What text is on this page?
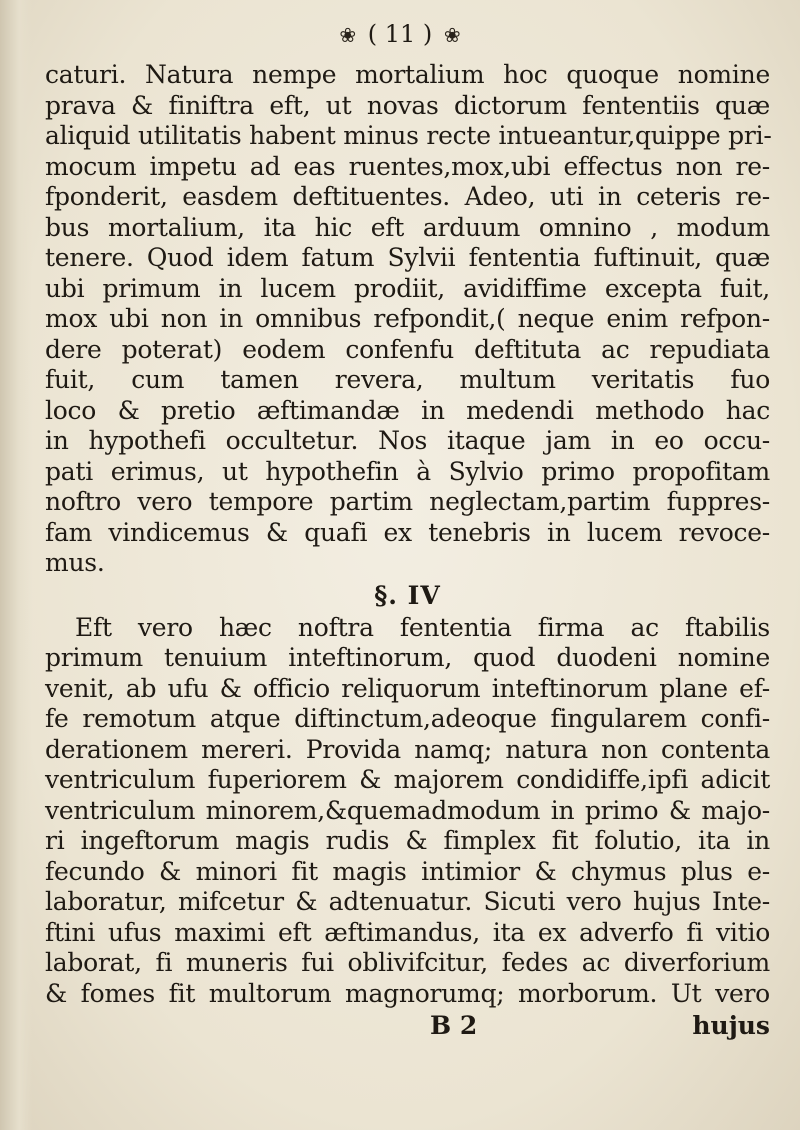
❀ ( 11 ) ❀
caturi. Natura nempe mortalium hoc quoque nomine
prava & finiftra eft, ut novas dictorum fententiis quæ
aliquid utilitatis habent minus recte intueantur,quippe pri-
mocum impetu ad eas ruentes,mox,ubi effectus non re-
fponderit, easdem deftituentes. Adeo, uti in ceteris re-
bus mortalium, ita hic eft arduum omnino , modum
tenere. Quod idem fatum Sylvii fententia fuftinuit, quæ
ubi primum in lucem prodiit, avidiffime excepta fuit,
mox ubi non in omnibus refpondit,( neque enim refpon-
dere poterat) eodem confenfu deftituta ac repudiata
fuit, cum tamen revera, multum veritatis fuo
loco & pretio æftimandæ in medendi methodo hac
in hypothefi occultetur. Nos itaque jam in eo occu-
pati erimus, ut hypothefin à Sylvio primo propofitam
noftro vero tempore partim neglectam,partim fuppres-
fam vindicemus & quafi ex tenebris in lucem revoce-
mus.
§. IV
Eft vero hæc noftra fententia firma ac ftabilis
primum tenuium inteftinorum, quod duodeni nomine
venit, ab ufu & officio reliquorum inteftinorum plane ef-
fe remotum atque diftinctum,adeoque fingularem confi-
derationem mereri. Provida namq; natura non contenta
ventriculum fuperiorem & majorem condidiffe,ipfi adicit
ventriculum minorem,&quemadmodum in primo & majo-
ri ingeftorum magis rudis & fimplex fit folutio, ita in
fecundo & minori fit magis intimior & chymus plus e-
laboratur, mifcetur & adtenuatur. Sicuti vero hujus Inte-
ftini ufus maximi eft æftimandus, ita ex adverfo fi vitio
laborat, fi muneris fui oblivifcitur, fedes ac diverforium
& fomes fit multorum magnorumq; morborum. Ut vero
B 2	hujus
